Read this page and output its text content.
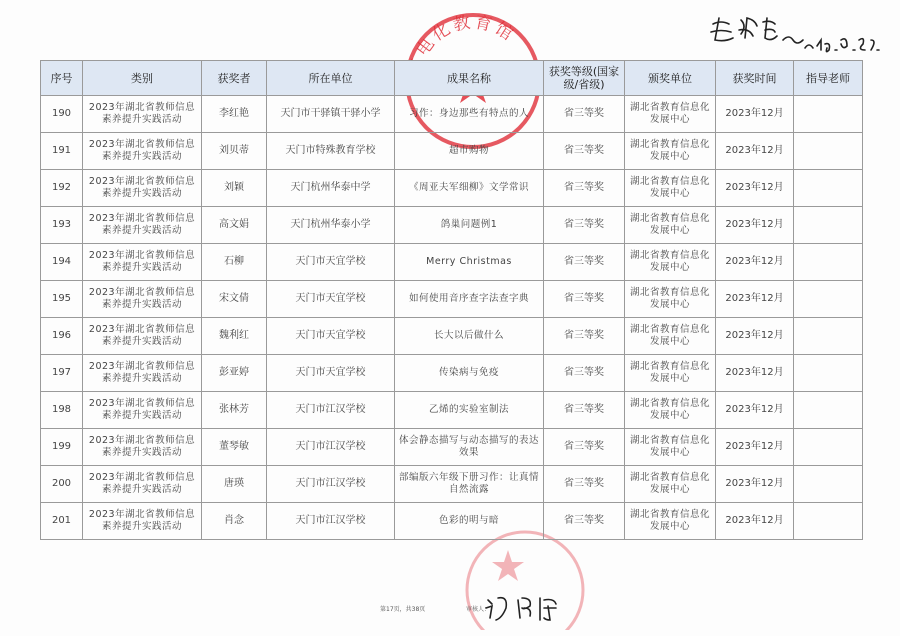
电化教育馆
序号	类别	获奖者	所在单位	成果名称	获奖等级(国家级/省级)	颁奖单位	获奖时间	指导老师
190	2023年湖北省教师信息素养提升实践活动	李红艳	天门市干驿镇干驿小学	习作：身边那些有特点的人	省三等奖	湖北省教育信息化发展中心	2023年12月	
191	2023年湖北省教师信息素养提升实践活动	刘贝蒂	天门市特殊教育学校	超市购物	省三等奖	湖北省教育信息化发展中心	2023年12月	
192	2023年湖北省教师信息素养提升实践活动	刘颖	天门杭州华泰中学	《周亚夫军细柳》文学常识	省三等奖	湖北省教育信息化发展中心	2023年12月	
193	2023年湖北省教师信息素养提升实践活动	高文娟	天门杭州华泰小学	鸽巢问题例1	省三等奖	湖北省教育信息化发展中心	2023年12月	
194	2023年湖北省教师信息素养提升实践活动	石柳	天门市天宜学校	Merry Christmas	省三等奖	湖北省教育信息化发展中心	2023年12月	
195	2023年湖北省教师信息素养提升实践活动	宋文倩	天门市天宜学校	如何使用音序查字法查字典	省三等奖	湖北省教育信息化发展中心	2023年12月	
196	2023年湖北省教师信息素养提升实践活动	魏利红	天门市天宜学校	长大以后做什么	省三等奖	湖北省教育信息化发展中心	2023年12月	
197	2023年湖北省教师信息素养提升实践活动	彭亚婷	天门市天宜学校	传染病与免疫	省三等奖	湖北省教育信息化发展中心	2023年12月	
198	2023年湖北省教师信息素养提升实践活动	张林芳	天门市江汉学校	乙烯的实验室制法	省三等奖	湖北省教育信息化发展中心	2023年12月	
199	2023年湖北省教师信息素养提升实践活动	董琴敏	天门市江汉学校	体会静态描写与动态描写的表达效果	省三等奖	湖北省教育信息化发展中心	2023年12月	
200	2023年湖北省教师信息素养提升实践活动	唐瑛	天门市江汉学校	部编版六年级下册习作：让真情自然流露	省三等奖	湖北省教育信息化发展中心	2023年12月	
201	2023年湖北省教师信息素养提升实践活动	肖念	天门市江汉学校	色彩的明与暗	省三等奖	湖北省教育信息化发展中心	2023年12月	
第17页，共38页	审核人：
